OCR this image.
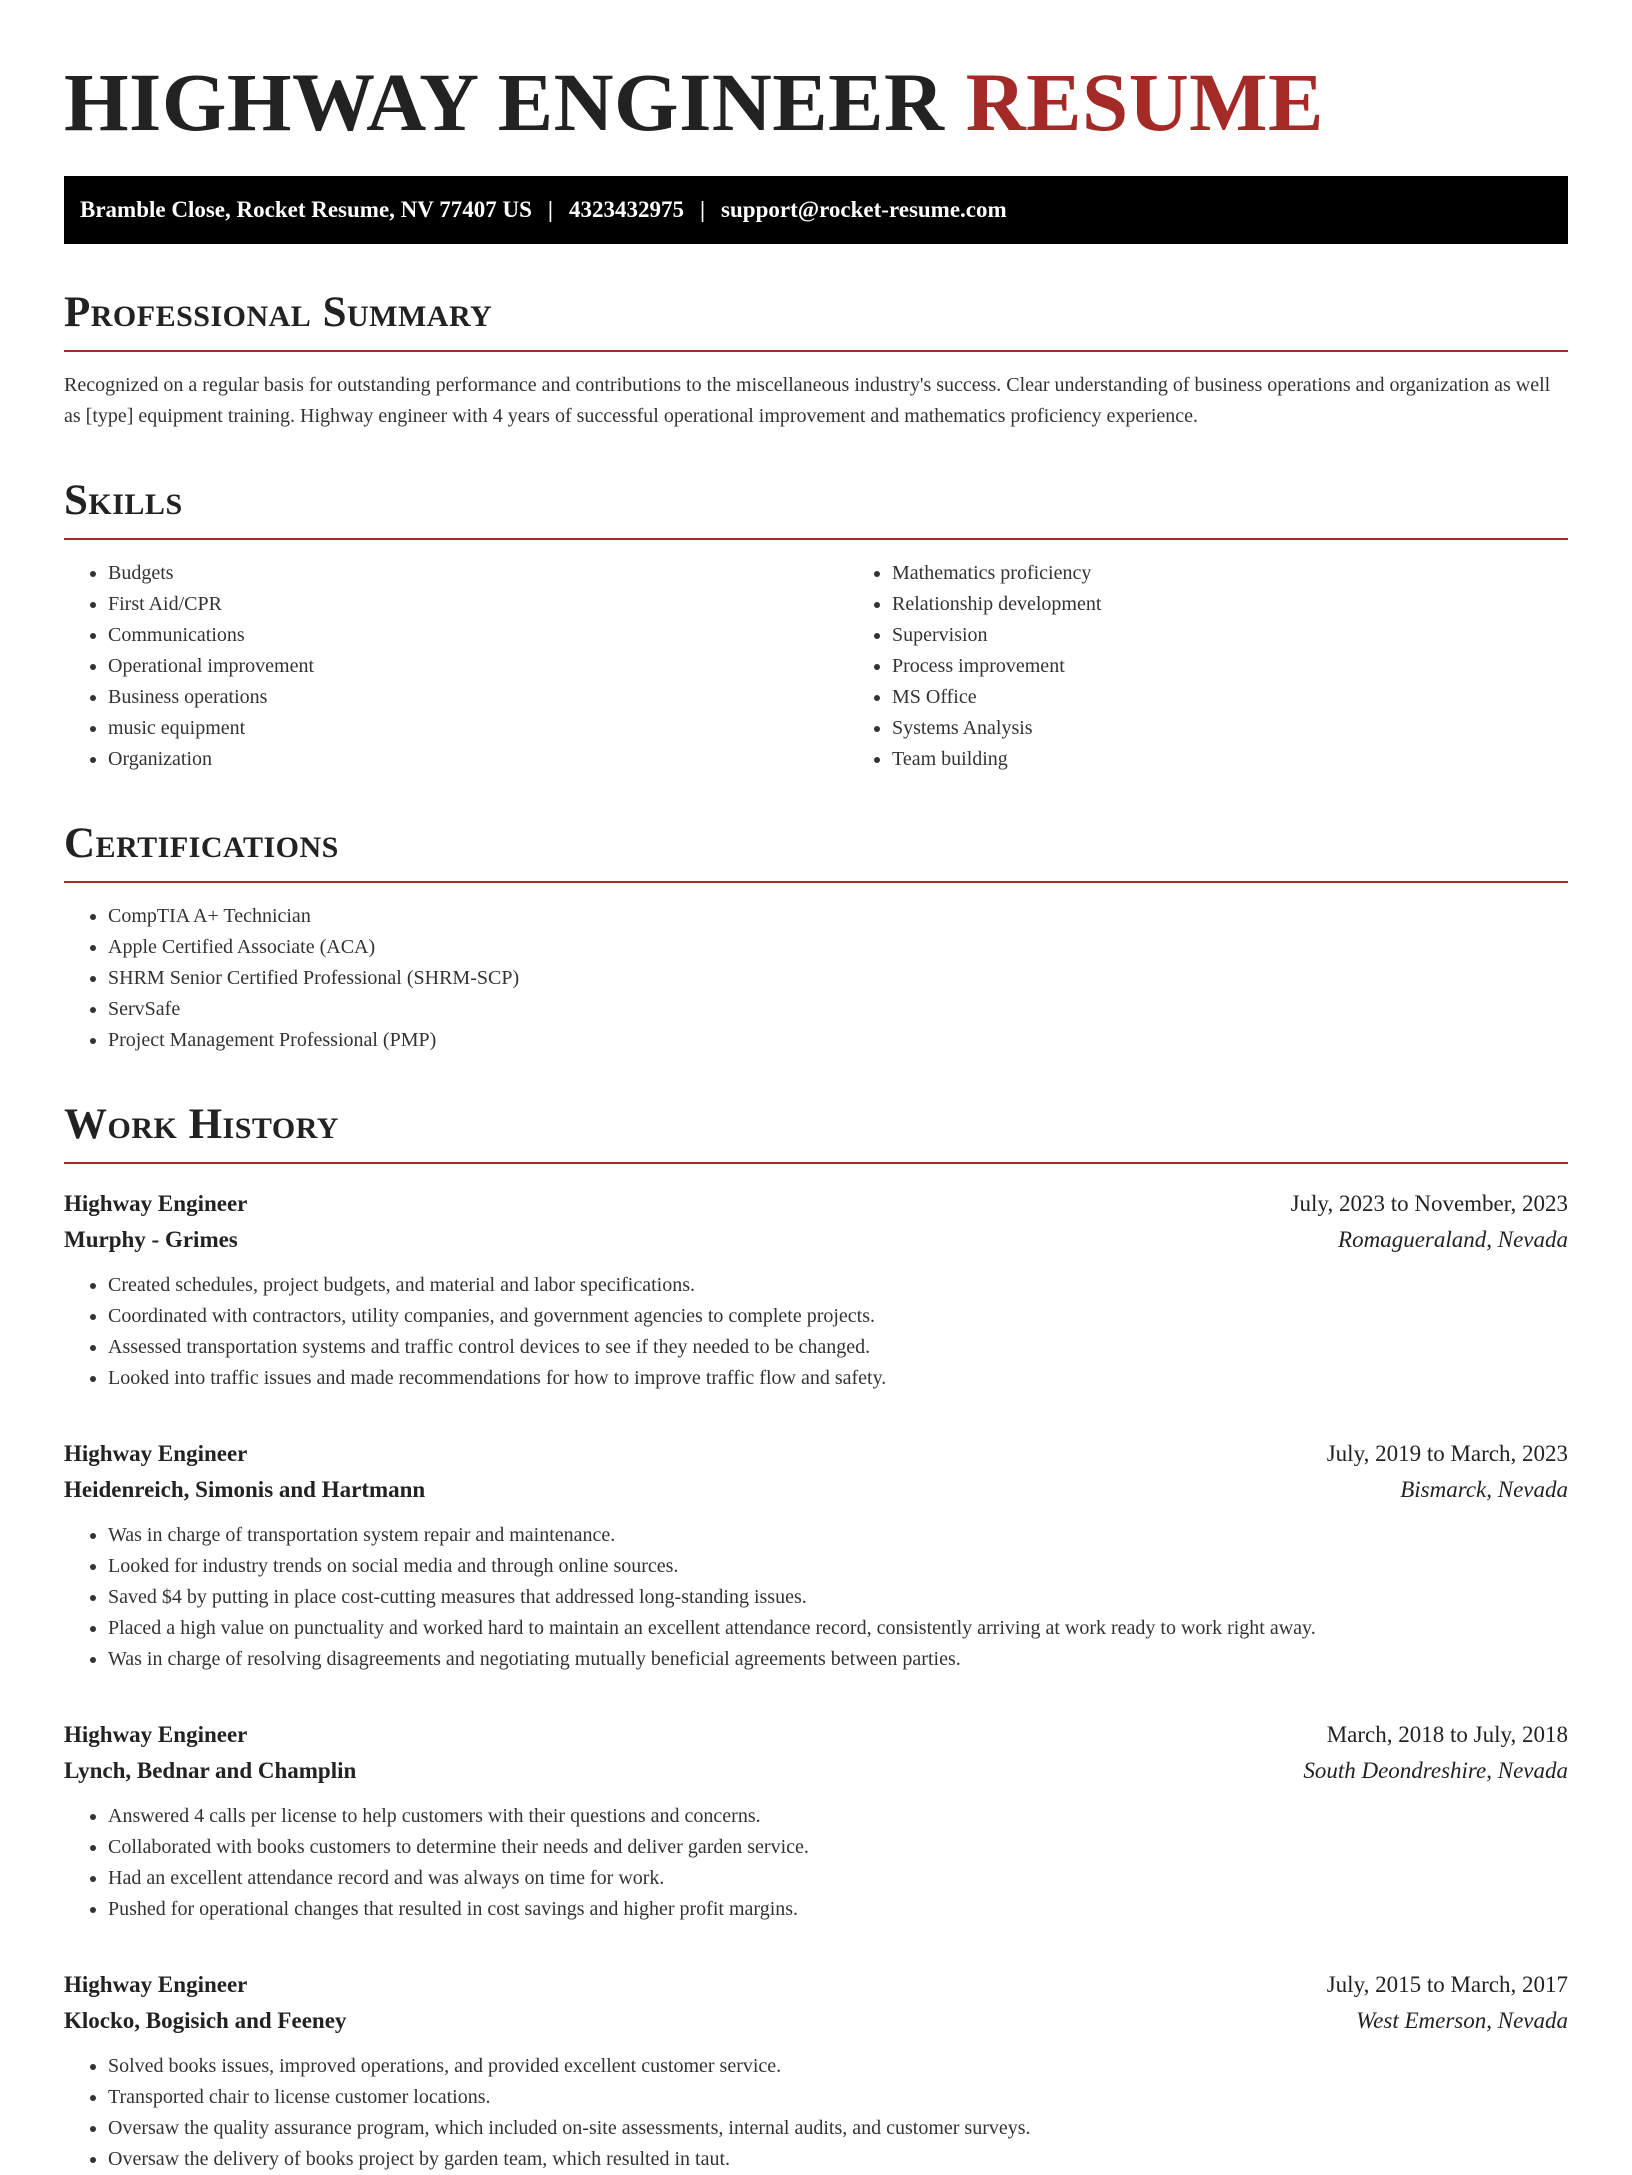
HIGHWAY ENGINEER RESUME
Bramble Close, Rocket Resume, NV 77407 US | 4323432975 | support@rocket-resume.com
Professional Summary

Recognized on a regular basis for outstanding performance and contributions to the miscellaneous industry's success. Clear understanding of business operations and organization as well as [type] equipment training. Highway engineer with 4 years of successful operational improvement and mathematics proficiency experience.

Skills
• Budgets
• First Aid/CPR
• Communications
• Operational improvement
• Business operations
• music equipment
• Organization
• Mathematics proficiency
• Relationship development
• Supervision
• Process improvement
• MS Office
• Systems Analysis
• Team building
Certifications
• CompTIA A+ Technician
• Apple Certified Associate (ACA)
• SHRM Senior Certified Professional (SHRM-SCP)
• ServSafe
• Project Management Professional (PMP)
Work History
Highway Engineer	July, 2023 to November, 2023
Murphy - Grimes	Romagueraland, Nevada
• Created schedules, project budgets, and material and labor specifications.
• Coordinated with contractors, utility companies, and government agencies to complete projects.
• Assessed transportation systems and traffic control devices to see if they needed to be changed.
• Looked into traffic issues and made recommendations for how to improve traffic flow and safety.
Highway Engineer	July, 2019 to March, 2023
Heidenreich, Simonis and Hartmann	Bismarck, Nevada
• Was in charge of transportation system repair and maintenance.
• Looked for industry trends on social media and through online sources.
• Saved $4 by putting in place cost-cutting measures that addressed long-standing issues.
• Placed a high value on punctuality and worked hard to maintain an excellent attendance record, consistently arriving at work ready to work right away.
• Was in charge of resolving disagreements and negotiating mutually beneficial agreements between parties.
Highway Engineer	March, 2018 to July, 2018
Lynch, Bednar and Champlin	South Deondreshire, Nevada
• Answered 4 calls per license to help customers with their questions and concerns.
• Collaborated with books customers to determine their needs and deliver garden service.
• Had an excellent attendance record and was always on time for work.
• Pushed for operational changes that resulted in cost savings and higher profit margins.
Highway Engineer	July, 2015 to March, 2017
Klocko, Bogisich and Feeney	West Emerson, Nevada
• Solved books issues, improved operations, and provided excellent customer service.
• Transported chair to license customer locations.
• Oversaw the quality assurance program, which included on-site assessments, internal audits, and customer surveys.
• Oversaw the delivery of books project by garden team, which resulted in taut.
